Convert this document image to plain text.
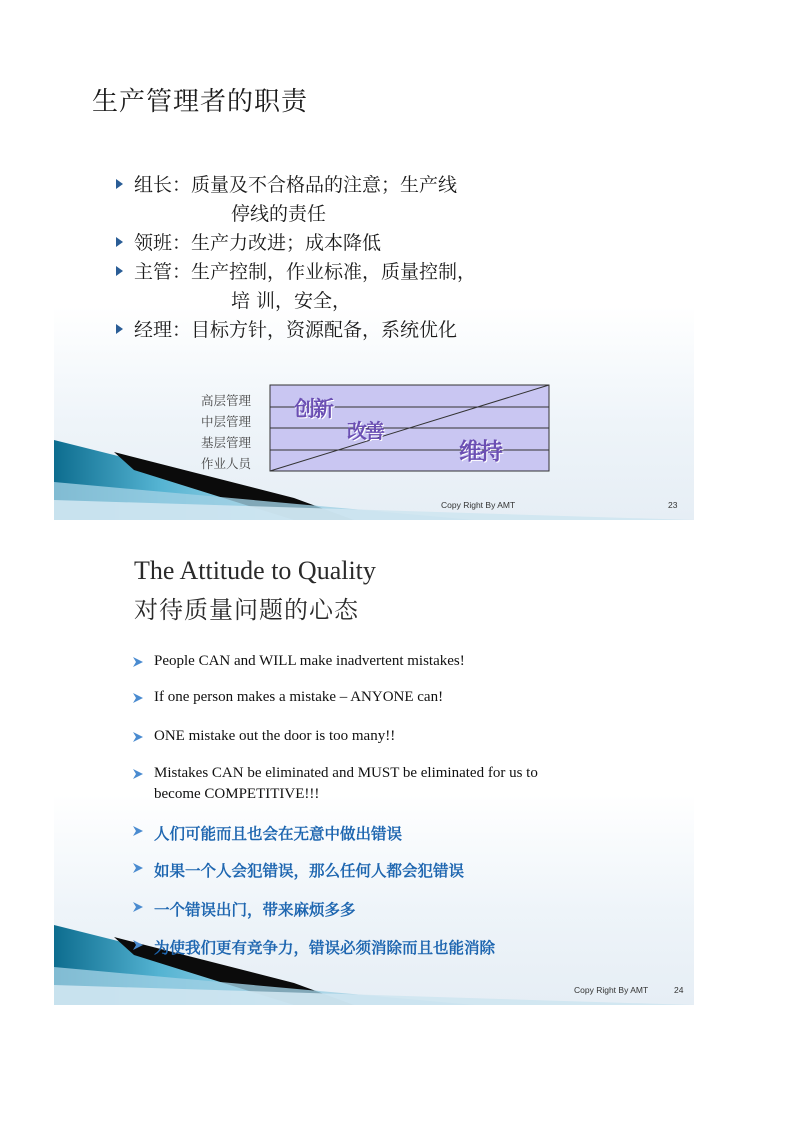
生产管理者的职责
组长：质量及不合格品的注意；生产线
停线的责任
领班：生产力改进；成本降低
主管：生产控制，作业标准，质量控制，
培 训，安全，
经理：目标方针，资源配备，系统优化
高层管理
中层管理
基层管理
作业人员
创新
改善
维持
Copy Right By AMT	23
The Attitude to Quality
对待质量问题的心态
People CAN and WILL make inadvertent mistakes!
If one person makes a mistake – ANYONE can!
ONE mistake out the door is too many!!
Mistakes CAN be eliminated and MUST be eliminated for us to
become COMPETITIVE!!!
人们可能而且也会在无意中做出错误
如果一个人会犯错误，那么任何人都会犯错误
一个错误出门，带来麻烦多多
为使我们更有竞争力，错误必须消除而且也能消除
Copy Right By AMT	24
